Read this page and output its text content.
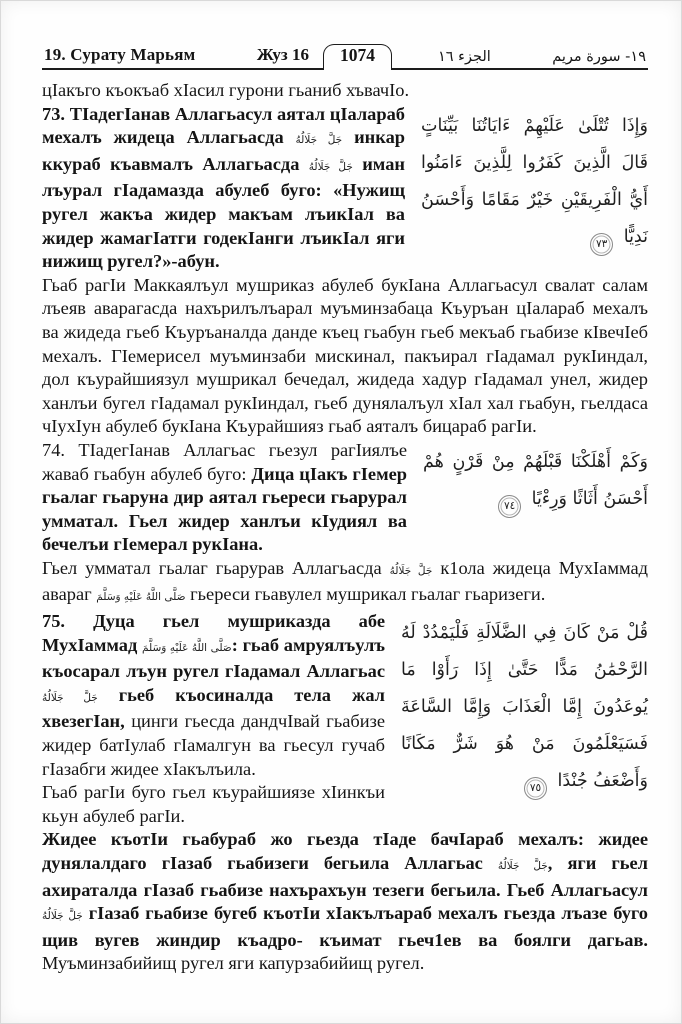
19. Сурату Марьям	Жуз 16	1074	الجزء ١٦	١٩- سورة مريم

цIакъго къокъаб хIасил гурони гьаниб хъвачIо.

وَإِذَا تُتْلَىٰ عَلَيْهِمْ ءَايَاتُنَا بَيِّنَاتٍ قَالَ الَّذِينَ كَفَرُوا لِلَّذِينَ ءَامَنُوا أَيُّ الْفَرِيقَيْنِ خَيْرٌ مَقَامًا وَأَحْسَنُ نَدِيًّا ٧٣

73. ТIадегIанав Аллагьасул аятал цIалараб мехалъ жидеца Аллагьасда جَلَّ جَلَالُهُ инкар ккураб къавмалъ Аллагьасда جَلَّ جَلَالُهُ иман лъурал гIадамазда абулеб буго: «Нужищ ругел жакъа жидер макъам лъикIал ва жидер жамагIатги годекIанги лъикIал яги нижищ ругел?»-абун.

Гьаб рагIи Маккаялъул мушриказ абулеб букIана Аллагьасул свалат салам лъеяв аварагасда нахърилълъарал муъминзабаца Къуръан цIалараб мехалъ ва жидеда гьеб Къуръаналда данде къец гьабун гьеб мекъаб гьабизе кIвечIеб мехалъ. ГIемерисел муъминзаби мискинал, пакъирал гIадамал рукIиндал, дол къурайшиязул мушрикал бечедал, жидеда хадур гIадамал унел, жидер ханлъи бугел гIадамал рукIиндал, гьеб дунялалъул хIал хал гьабун, гьелдаса чIухIун абулеб букIана Къурайшияз гьаб аяталъ бицараб рагIи.

وَكَمْ أَهْلَكْنَا قَبْلَهُمْ مِنْ قَرْنٍ هُمْ أَحْسَنُ أَثَاثًا وَرِءْيًا ٧٤

74. ТIадегIанав Аллагьас гьезул рагIиялъе жаваб гьабун абулеб буго: Дица цIакъ гIемер гьалаг гьаруна дир аятал гьереси гьарурал умматал. Гьел жидер ханлъи кIудиял ва бечелъи гIемерал рукIана.

Гьел умматал гьалаг гьарурав Аллагьасда جَلَّ جَلَالُهُ к1ола жидеца МухIаммад авараг صَلَّى اللَّهُ عَلَيْهِ وَسَلَّمَ гьереси гьавулел мушрикал гьалаг гьаризеги.

قُلْ مَنْ كَانَ فِي الضَّلَالَةِ فَلْيَمْدُدْ لَهُ الرَّحْمَٰنُ مَدًّا حَتَّىٰ إِذَا رَأَوْا مَا يُوعَدُونَ إِمَّا الْعَذَابَ وَإِمَّا السَّاعَةَ فَسَيَعْلَمُونَ مَنْ هُوَ شَرٌّ مَكَانًا وَأَضْعَفُ جُنْدًا ٧٥

75. Дуца гьел мушриказда абе МухIаммад صَلَّى اللَّهُ عَلَيْهِ وَسَلَّمَ: гьаб амруялъулъ къосарал лъун ругел гIадамал Аллагьас جَلَّ جَلَالُهُ гьеб къосиналда тела жал хвезегIан, цинги гьесда дандчIвай гьабизе жидер батIулаб гIамалгун ва гьесул гучаб гIазабги жидее хIакълъила.

Гьаб рагIи буго гьел къурайшиязе хIинкъи кьун абулеб рагIи.

Жидее къотIи гьабураб жо гьезда тIаде бачIараб мехалъ: жидее дунялалдаго гIазаб гьабизеги бегьила Аллагьас جَلَّ جَلَالُهُ, яги гьел ахираталда гIазаб гьабизе нахърахъун тезеги бегьила. Гьеб Аллагьасул جَلَّ جَلَالُهُ гIазаб гьабизе бугеб къотIи хIакълъараб мехалъ гьезда лъазе буго щив вугев жиндир къадро- къимат гьеч1ев ва боялги дагьав. Муъминзабийищ ругел яги капурзабийищ ругел.
